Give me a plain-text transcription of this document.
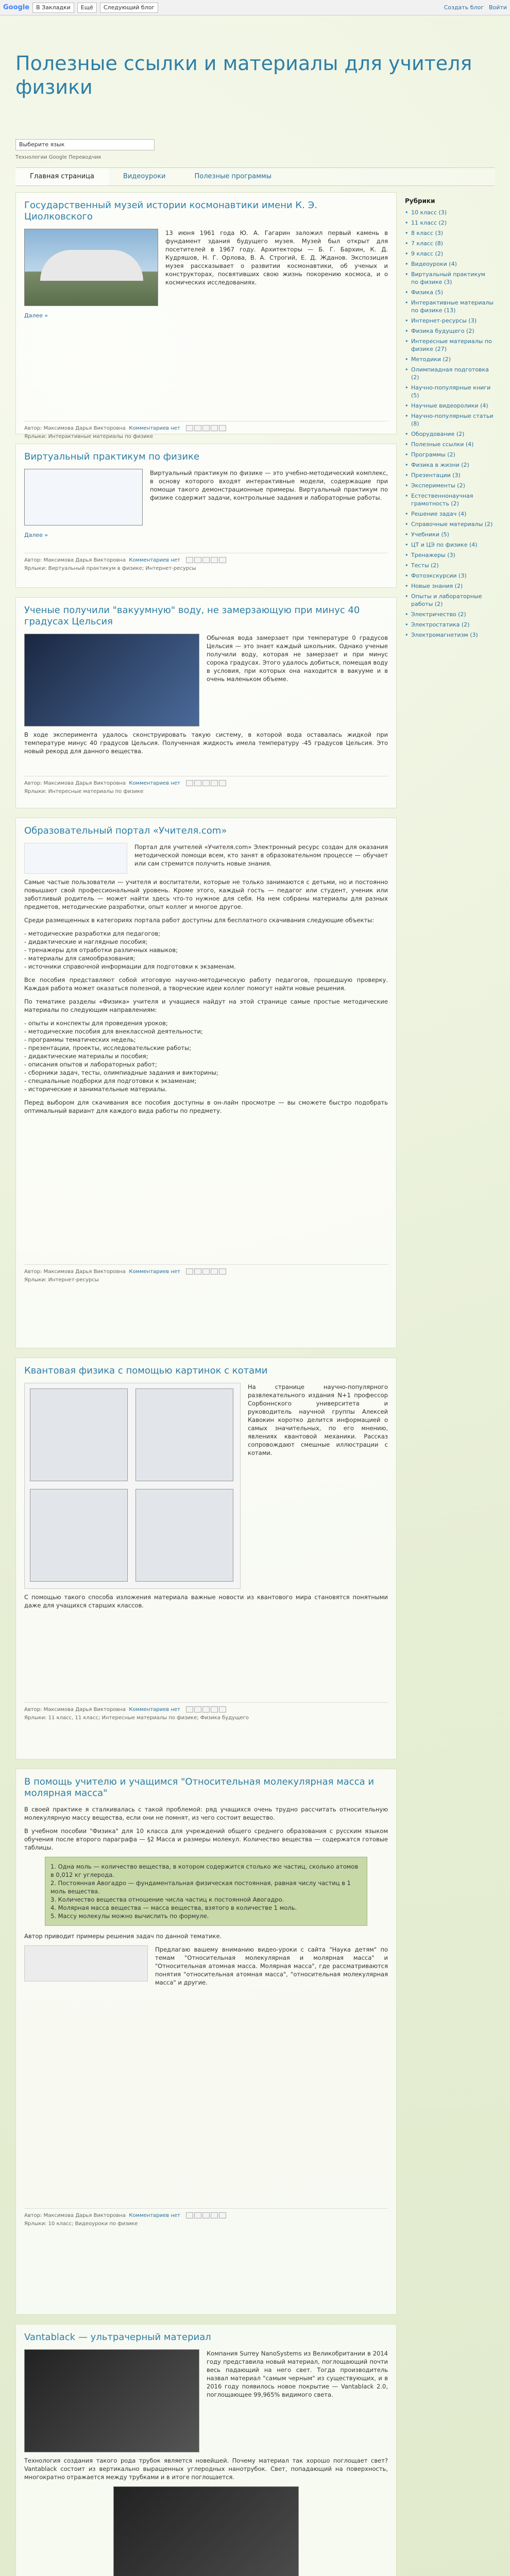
Google	В Закладки	Ещё	Следующий блог	Создать блог Войти
Полезные ссылки и материалы для учителя физики
Выберите язык
Технологии Google Переводчик
Главная страница	Видеоуроки	Полезные программы
Государственный музей истории космонавтики имени К. Э. Циолковского

13 июня 1961 года Ю. А. Гагарин заложил первый камень в фундамент здания будущего музея. Музей был открыт для посетителей в 1967 году. Архитекторы — Б. Г. Бархин, К. Д. Кудряшов, Н. Г. Орлова, В. А. Строгий, Е. Д. Жданов. Экспозиция музея рассказывает о развитии космонавтики, об ученых и конструкторах, посвятивших свою жизнь покорению космоса, и о космических исследованиях.

Далее »
Автор: Максимова Дарья Викторовна Комментариев нет

Ярлыки: Интерактивные материалы по физике
Виртуальный практикум по физике

Виртуальный практикум по физике — это учебно-методический комплекс, в основу которого входят интерактивные модели, содержащие при помощи такого демонстрационные примеры. Виртуальный практикум по физике содержит задачи, контрольные задания и лабораторные работы.

Далее »
Автор: Максимова Дарья Викторовна Комментариев нет

Ярлыки: Виртуальный практикум в физике; Интернет-ресурсы
Ученые получили "вакуумную" воду, не замерзающую при минус 40 градусах Цельсия

Обычная вода замерзает при температуре 0 градусов Цельсия — это знает каждый школьник. Однако ученые получили воду, которая не замерзает и при минус сорока градусах. Этого удалось добиться, помещая воду в условия, при которых она находится в вакууме и в очень маленьком объеме.

В ходе эксперимента удалось сконструировать такую систему, в которой вода оставалась жидкой при температуре минус 40 градусов Цельсия. Полученная жидкость имела температуру -45 градусов Цельсия. Это новый рекорд для данного вещества.

Автор: Максимова Дарья Викторовна Комментариев нет

Ярлыки: Интересные материалы по физике
Образовательный портал «Учителя.com»

Портал для учителей «Учителя.com» Электронный ресурс создан для оказания методической помощи всем, кто занят в образовательном процессе — обучает или сам стремится получить новые знания.

Самые частые пользователи — учителя и воспитатели, которые не только занимаются с детьми, но и постоянно повышают свой профессиональный уровень. Кроме этого, каждый гость — педагог или студент, ученик или заботливый родитель — может найти здесь что-то нужное для себя. На нем собраны материалы для разных предметов, методические разработки, опыт коллег и многое другое.

Среди размещенных в категориях портала работ доступны для бесплатного скачивания следующие объекты:

- методические разработки для педагогов;
- дидактические и наглядные пособия;
- тренажеры для отработки различных навыков;
- материалы для самообразования;
- источники справочной информации для подготовки к экзаменам.

Все пособия представляют собой итоговую научно-методическую работу педагогов, прошедшую проверку. Каждая работа может оказаться полезной, а творческие идеи коллег помогут найти новые решения.

По тематике разделы «Физика» учителя и учащиеся найдут на этой странице самые простые методические материалы по следующим направлениям:

- опыты и конспекты для проведения уроков;
- методические пособия для внеклассной деятельности;
- программы тематических недель;
- презентации, проекты, исследовательские работы;
- дидактические материалы и пособия;
- описания опытов и лабораторных работ;
- сборники задач, тесты, олимпиадные задания и викторины;
- специальные подборки для подготовки к экзаменам;
- исторические и занимательные материалы.

Перед выбором для скачивания все пособия доступны в он-лайн просмотре — вы сможете быстро подобрать оптимальный вариант для каждого вида работы по предмету.

Автор: Максимова Дарья Викторовна Комментариев нет

Ярлыки: Интернет-ресурсы
Квантовая физика с помощью картинок с котами

На странице научно-популярного развлекательного издания N+1 профессор Сорбоннского университета и руководитель научной группы Алексей Кавокин коротко делится информацией о самых значительных, по его мнению, явлениях квантовой механики. Рассказ сопровождают смешные иллюстрации с котами.

С помощью такого способа изложения материала важные новости из квантового мира становятся понятными даже для учащихся старших классов.

Автор: Максимова Дарья Викторовна Комментариев нет

Ярлыки: 11 класс, 11 класс; Интересные материалы по физике; Физика будущего
В помощь учителю и учащимся "Относительная молекулярная масса и молярная масса"

В своей практике я сталкивалась с такой проблемой: ряд учащихся очень трудно рассчитать относительную молекулярную массу вещества, если они не помнят, из чего состоит вещество.

В учебном пособии "Физика" для 10 класса для учреждений общего среднего образования с русским языком обучения после второго параграфа — §2 Масса и размеры молекул. Количество вещества — содержатся готовые таблицы.

1. Одна моль — количество вещества, в котором содержится столько же частиц, сколько атомов в 0,012 кг углерода.
2. Постоянная Авогадро — фундаментальная физическая постоянная, равная числу частиц в 1 моль вещества.
3. Количество вещества отношение числа частиц к постоянной Авогадро.
4. Молярная масса вещества — масса вещества, взятого в количестве 1 моль.
5. Массу молекулы можно вычислить по формуле.

Автор приводит примеры решения задач по данной тематике.

Предлагаю вашему вниманию видео-уроки с сайта "Наука детям" по темам "Относительная молекулярная и молярная масса" и "Относительная атомная масса. Молярная масса", где рассматриваются понятия "относительная атомная масса", "относительная молекулярная масса" и другие.

Автор: Максимова Дарья Викторовна Комментариев нет

Ярлыки: 10 класс; Видеоуроки по физике
Vantablack — ультрачерный материал

Компания Surrey NanoSystems из Великобритании в 2014 году представила новый материал, поглощающий почти весь падающий на него свет. Тогда производитель назвал материал "самым черным" из существующих, и в 2016 году появилось новое покрытие — Vantablack 2.0, поглощающее 99,965% видимого света.

Технология создания такого рода трубок является новейшей. Почему материал так хорошо поглощает свет? Vantablack состоит из вертикально выращенных углеродных нанотрубок. Свет, попадающий на поверхность, многократно отражается между трубками и в итоге поглощается.

Рубрики
• 10 класс (3)
• 11 класс (2)
• 8 класс (3)
• 7 класс (8)
• 9 класс (2)
• Видеоуроки (4)
• Виртуальный практикум по физике (3)
• Физика (5)
• Интерактивные материалы по физике (13)
• Интернет-ресурсы (3)
• Физика будущего (2)
• Интересные материалы по физике (27)
• Методики (2)
• Олимпиадная подготовка (2)
• Научно-популярные книги (5)
• Научные видеоролики (4)
• Научно-популярные статьи (8)
• Оборудование (2)
• Полезные ссылки (4)
• Программы (2)
• Физика в жизни (2)
• Презентации (3)
• Эксперименты (2)
• Естественнонаучная грамотность (2)
• Решение задач (4)
• Справочные материалы (2)
• Учебники (5)
• ЦТ и ЦЭ по физике (4)
• Тренажеры (3)
• Тесты (2)
• Фотоэкскурсии (3)
• Новые знания (2)
• Опыты и лабораторные работы (2)
• Электричество (2)
• Электростатика (2)
• Электромагнетизм (3)
